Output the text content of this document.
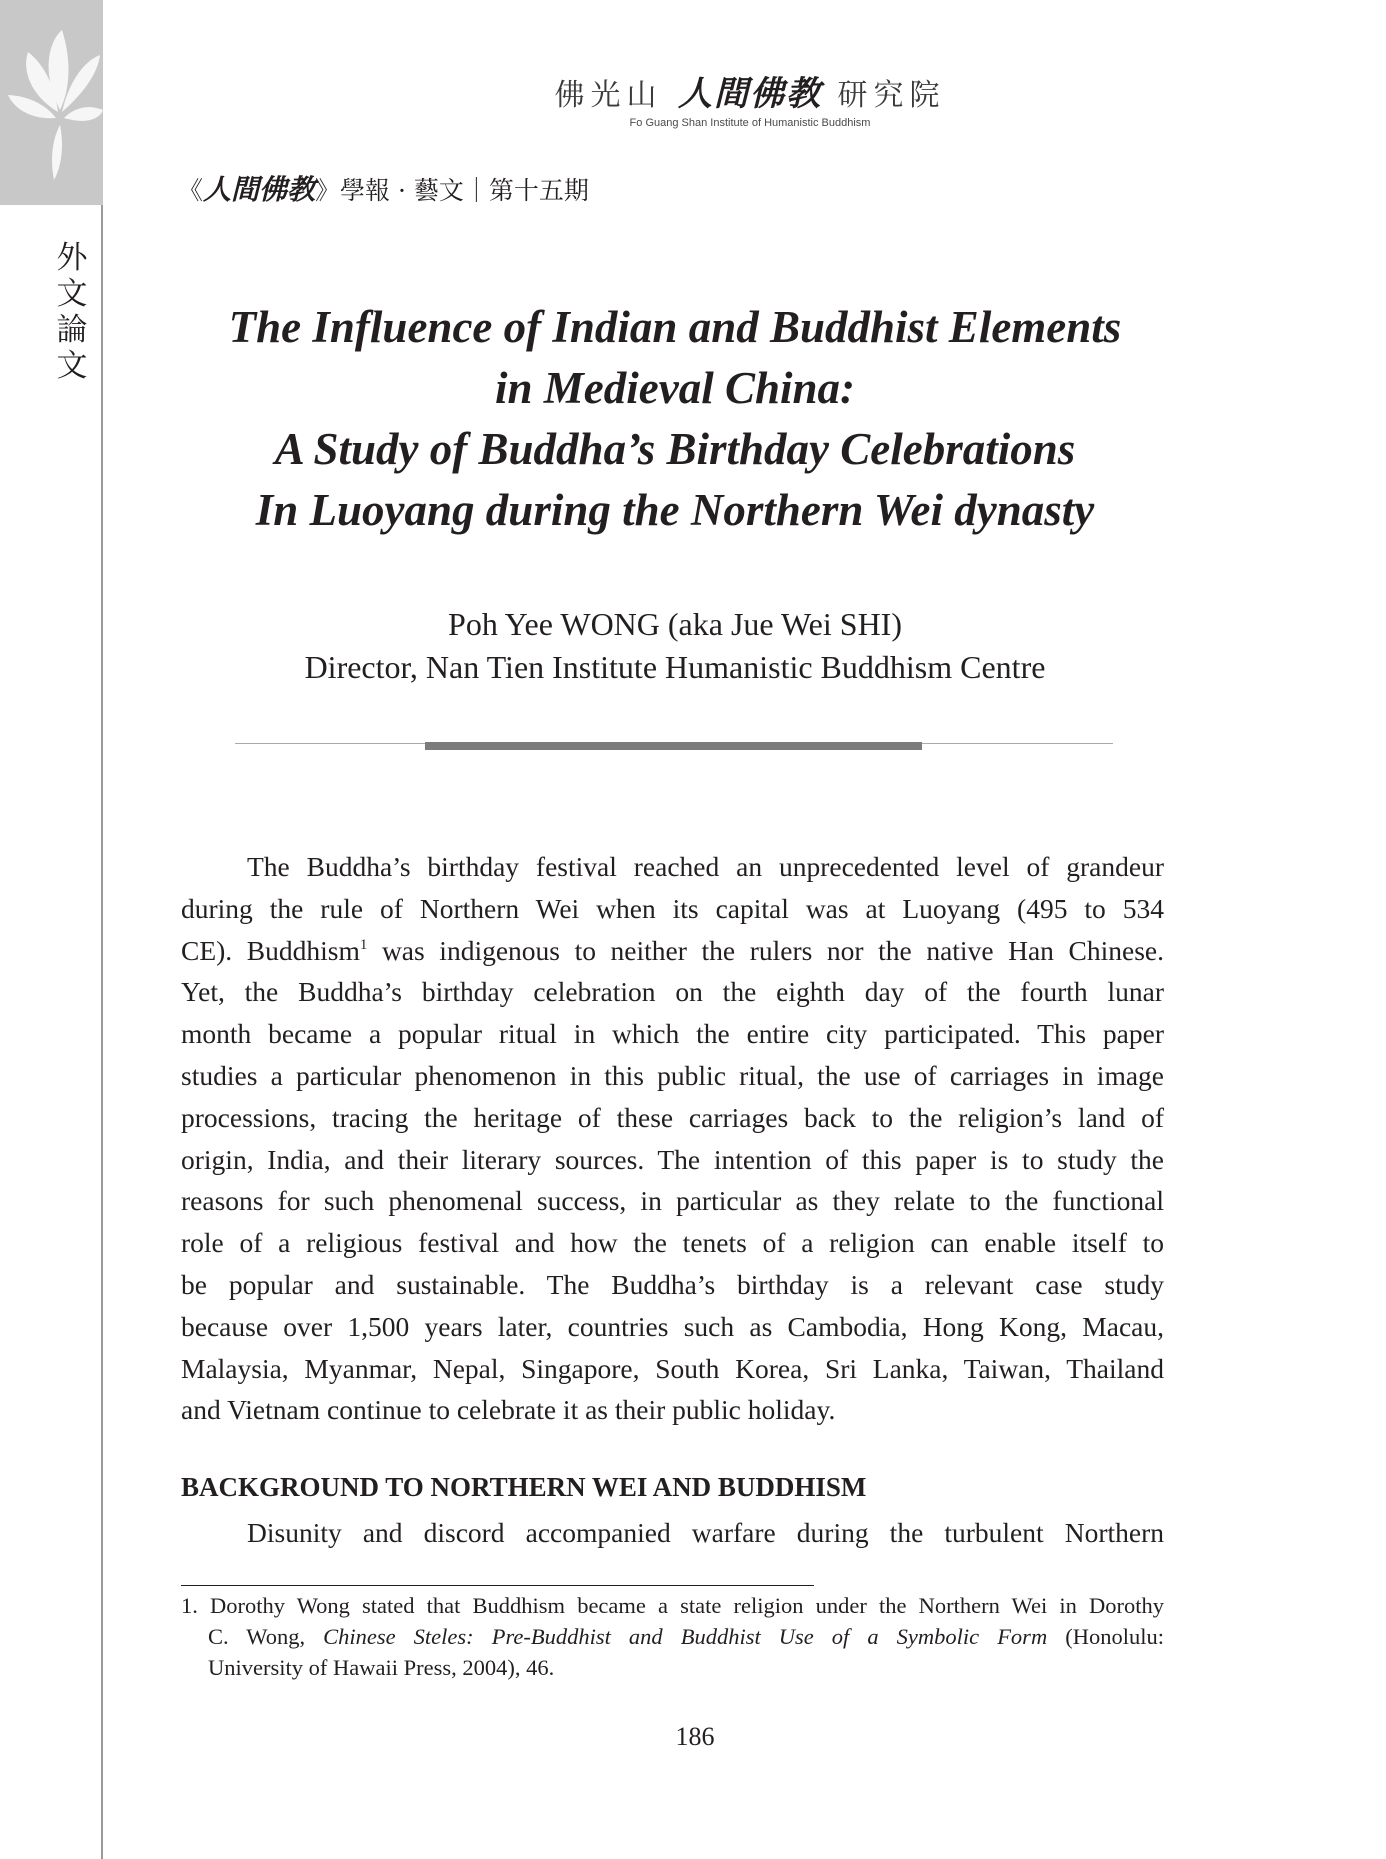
外
文
論
文
佛光山 人間佛教 研究院
Fo Guang Shan Institute of Humanistic Buddhism
《人間佛教》學報 · 藝文｜第十五期
The Influence of Indian and Buddhist Elements
in Medieval China:
A Study of Buddha’s Birthday Celebrations
In Luoyang during the Northern Wei dynasty
Poh Yee WONG (aka Jue Wei SHI)
Director, Nan Tien Institute Humanistic Buddhism Centre
The Buddha’s birthday festival reached an unprecedented level of grandeur
during the rule of Northern Wei when its capital was at Luoyang (495 to 534
CE). Buddhism$^1$ was indigenous to neither the rulers nor the native Han Chinese.
Yet, the Buddha’s birthday celebration on the eighth day of the fourth lunar
month became a popular ritual in which the entire city participated. This paper
studies a particular phenomenon in this public ritual, the use of carriages in image
processions, tracing the heritage of these carriages back to the religion’s land of
origin, India, and their literary sources. The intention of this paper is to study the
reasons for such phenomenal success, in particular as they relate to the functional
role of a religious festival and how the tenets of a religion can enable itself to
be popular and sustainable. The Buddha’s birthday is a relevant case study
because over 1,500 years later, countries such as Cambodia, Hong Kong, Macau,
Malaysia, Myanmar, Nepal, Singapore, South Korea, Sri Lanka, Taiwan, Thailand
and Vietnam continue to celebrate it as their public holiday.
BACKGROUND TO NORTHERN WEI AND BUDDHISM
Disunity and discord accompanied warfare during the turbulent Northern
1. Dorothy Wong stated that Buddhism became a state religion under the Northern Wei in Dorothy
C. Wong, Chinese Steles: Pre-Buddhist and Buddhist Use of a Symbolic Form (Honolulu:
University of Hawaii Press, 2004), 46.
186
